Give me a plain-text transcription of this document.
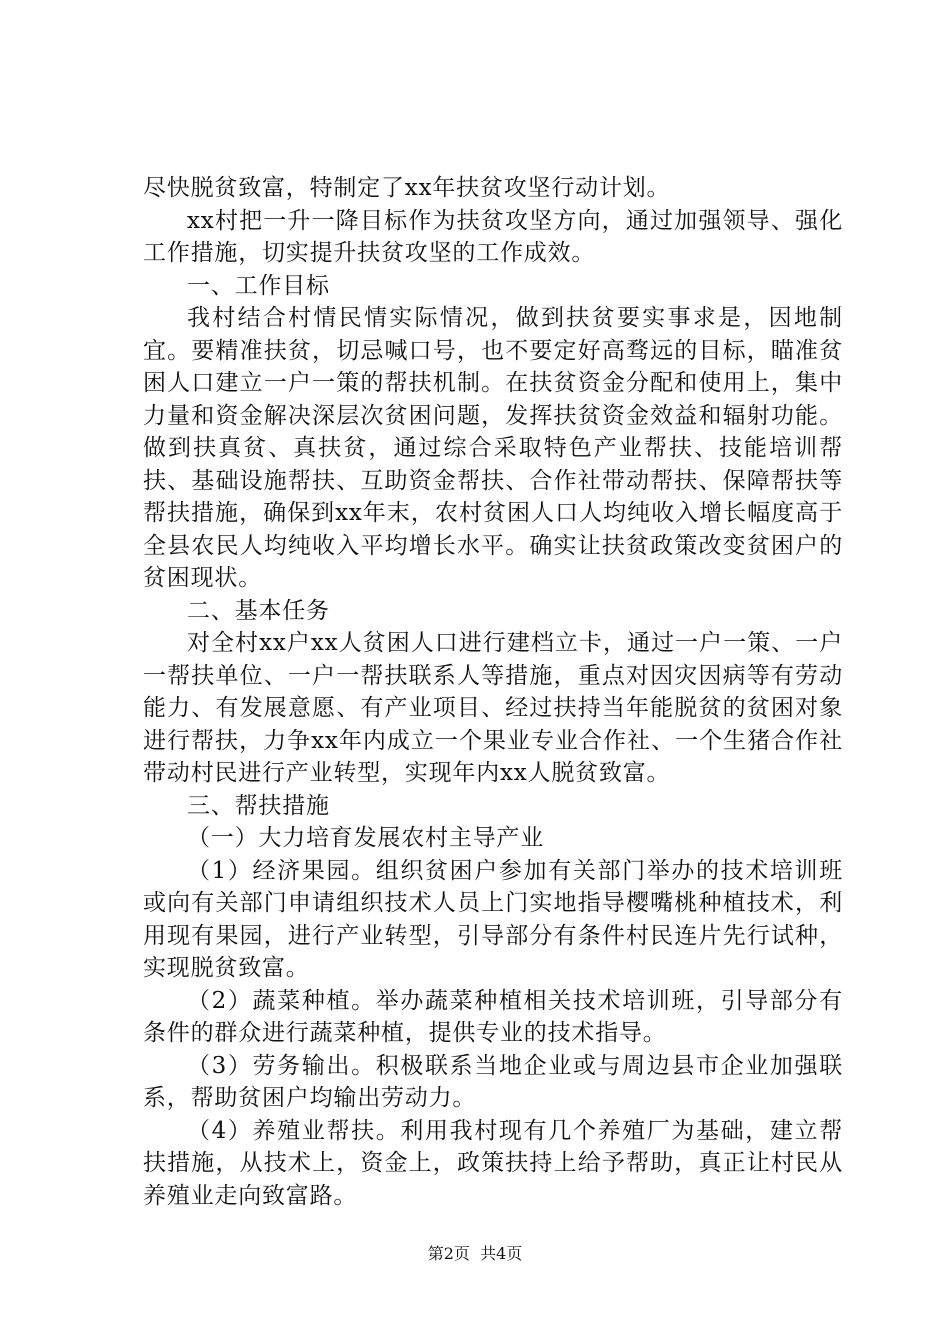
尽快脱贫致富，特制定了xx年扶贫攻坚行动计划。

xx村把一升一降目标作为扶贫攻坚方向，通过加强领导、强化工作措施，切实提升扶贫攻坚的工作成效。

一、工作目标

我村结合村情民情实际情况，做到扶贫要实事求是，因地制宜。要精准扶贫，切忌喊口号，也不要定好高骛远的目标，瞄准贫困人口建立一户一策的帮扶机制。在扶贫资金分配和使用上，集中力量和资金解决深层次贫困问题，发挥扶贫资金效益和辐射功能。做到扶真贫、真扶贫，通过综合采取特色产业帮扶、技能培训帮扶、基础设施帮扶、互助资金帮扶、合作社带动帮扶、保障帮扶等帮扶措施，确保到xx年末，农村贫困人口人均纯收入增长幅度高于全县农民人均纯收入平均增长水平。确实让扶贫政策改变贫困户的贫困现状。

二、基本任务

对全村xx户xx人贫困人口进行建档立卡，通过一户一策、一户一帮扶单位、一户一帮扶联系人等措施，重点对因灾因病等有劳动能力、有发展意愿、有产业项目、经过扶持当年能脱贫的贫困对象进行帮扶，力争xx年内成立一个果业专业合作社、一个生猪合作社带动村民进行产业转型，实现年内xx人脱贫致富。

三、帮扶措施

（一）大力培育发展农村主导产业

（1）经济果园。组织贫困户参加有关部门举办的技术培训班或向有关部门申请组织技术人员上门实地指导樱嘴桃种植技术，利用现有果园，进行产业转型，引导部分有条件村民连片先行试种，实现脱贫致富。

（2）蔬菜种植。举办蔬菜种植相关技术培训班，引导部分有条件的群众进行蔬菜种植，提供专业的技术指导。

（3）劳务输出。积极联系当地企业或与周边县市企业加强联系，帮助贫困户均输出劳动力。

（4）养殖业帮扶。利用我村现有几个养殖厂为基础，建立帮扶措施，从技术上，资金上，政策扶持上给予帮助，真正让村民从养殖业走向致富路。

第2页 共4页
